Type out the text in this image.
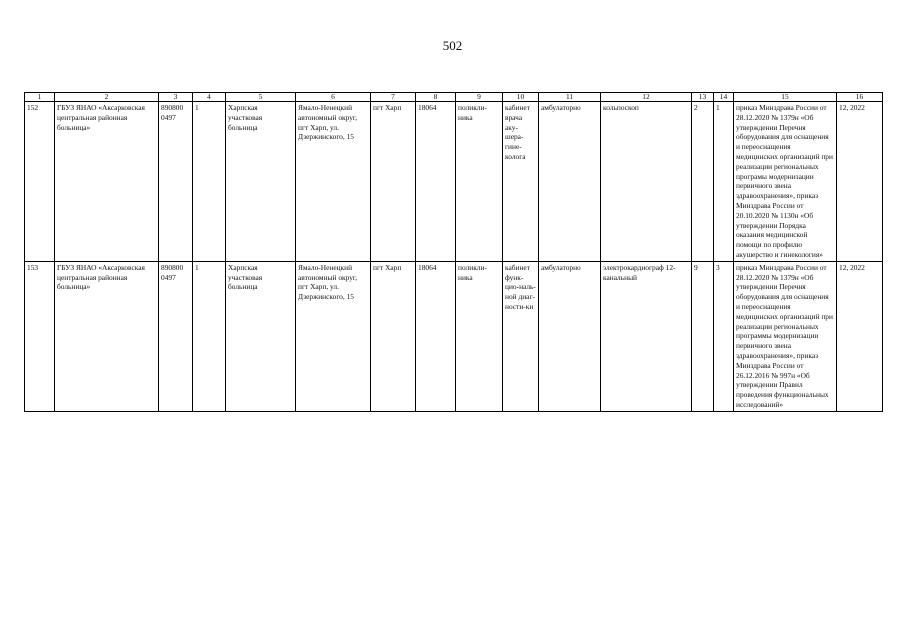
502
1	2	3	4	5	6	7	8	9	10	11	12	13	14	15	16
152	ГБУЗ ЯНАО «Аксарковская центральная районная больница»	890800 0497	1	Харпская участковая больница	Ямало-Ненецкий автономный округ, пгт Харп, ул. Дзержинского, 15	пгт Харп	18064	поликли-ника	кабинет врача аку-шера-гине-колога	амбулаторно	кольпоскоп	2	1	приказ Минздрава России от 28.12.2020 № 1379н «Об утверждении Перечня оборудования для оснащения и переоснащения медицинских организаций при реализации региональных програмы модернизации первичного звена здравоохранения», приказ Минздрава России от 20.10.2020 № 1130н «Об утверждении Порядка оказания медицинской помощи по профилю акушерство и гинекология»	12, 2022
153	ГБУЗ ЯНАО «Аксарковская центральная районная больница»	890800 0497	1	Харпская участковая больница	Ямало-Ненецкий автономный округ, пгт Харп, ул. Дзержинского, 15	пгт Харп	18064	поликли-ника	кабинет функ-цио-наль-ной диаг-ности-ки	амбулаторно	электрокардиограф 12-канальный	9	3	приказ Минздрава России от 28.12.2020 № 1379н «Об утверждении Перечня оборудования для оснащения и переоснащения медицинских организаций при реализации региональных программы модернизации первичного звена здравоохранения», приказ Минздрава России от 26.12.2016 № 997н «Об утверждении Правил проведения функциональных исследований»	12, 2022
